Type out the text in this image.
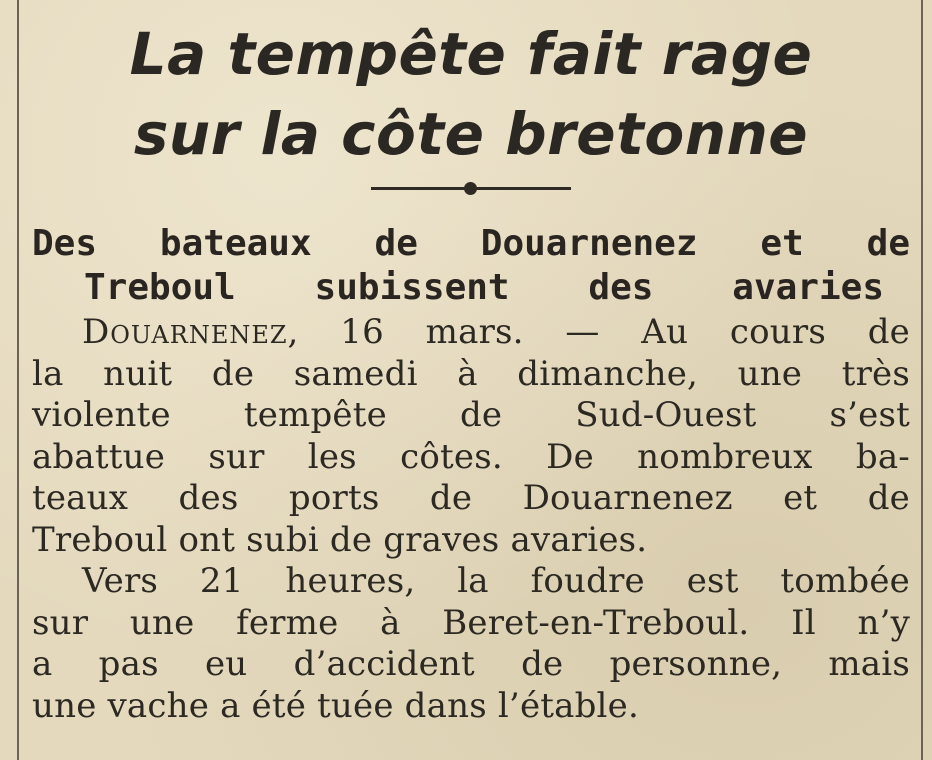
La tempête fait rage
sur la côte bretonne
Des bateaux de Douarnenez et de
Treboul subissent des avaries

Douarnenez, 16 mars. — Au cours de
la nuit de samedi à dimanche, une très
violente tempête de Sud-Ouest s’est
abattue sur les côtes. De nombreux ba-
teaux des ports de Douarnenez et de
Treboul ont subi de graves avaries.

Vers 21 heures, la foudre est tombée
sur une ferme à Beret-en-Treboul. Il n’y
a pas eu d’accident de personne, mais
une vache a été tuée dans l’étable.
